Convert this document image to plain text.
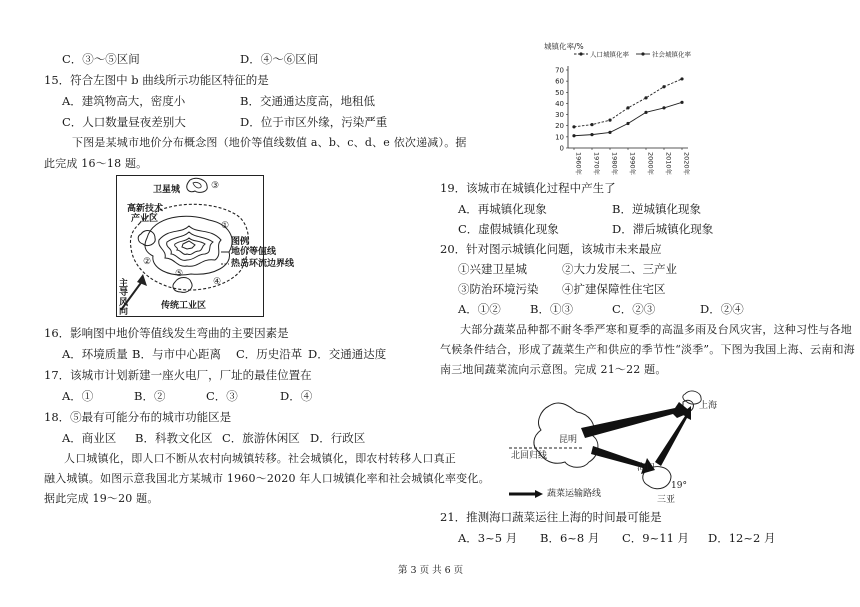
C．③～⑤区间	D．④～⑥区间
15．符合左图中 b 曲线所示功能区特征的是
A．建筑物高大，密度小	B．交通通达度高，地租低
C．人口数量昼夜差别大	D．位于市区外缘，污染严重
下图是某城市地价分布概念图（地价等值线数值 a、b、c、d、e 依次递减）。据
此完成 16～18 题。
卫星城	③
高新技术
产业区
①
②
④
⑤
图例
地价等值线
热岛环流边界线
传统工业区
主导风向
16．影响图中地价等值线发生弯曲的主要因素是
A．环境质量 B．与市中心距离 C．历史沿革 D．交通通达度
17．该城市计划新建一座火电厂，厂址的最佳位置在
A．①	B．②	C．③	D．④
18．⑤最有可能分布的城市功能区是
A．商业区 B．科教文化区 C．旅游休闲区 D．行政区
人口城镇化，即人口不断从农村向城镇转移。社会城镇化，即农村转移人口真正
融入城镇。如图示意我国北方某城市 1960～2020 年人口城镇化率和社会城镇化率变化。
据此完成 19～20 题。
城镇化率/%
人口城镇化率	社会城镇化率
0
10
20
30
40
50
60
70
1960年 1970年 1980年 1990年 2000年 2010年 2020年
19．该城市在城镇化过程中产生了
A．再城镇化现象	B．逆城镇化现象
C．虚假城镇化现象	D．滞后城镇化现象
20．针对图示城镇化问题，该城市未来最应
①兴建卫星城	②大力发展二、三产业
③防治环境污染 ④扩建保障性住宅区
A．①②	B．①③	C．②③	D．②④
大部分蔬菜品种都不耐冬季严寒和夏季的高温多雨及台风灾害，这种习性与各地
气候条件结合，形成了蔬菜生产和供应的季节性“淡季”。下图为我国上海、云南和海
南三地间蔬菜流向示意图。完成 21～22 题。
上海
昆明
北回归线
海口
19°
三亚
蔬菜运输路线
21．推测海口蔬菜运往上海的时间最可能是
A．3~5 月 B．6~8 月 C．9~11 月 D．12~2 月
第 3 页 共 6 页
